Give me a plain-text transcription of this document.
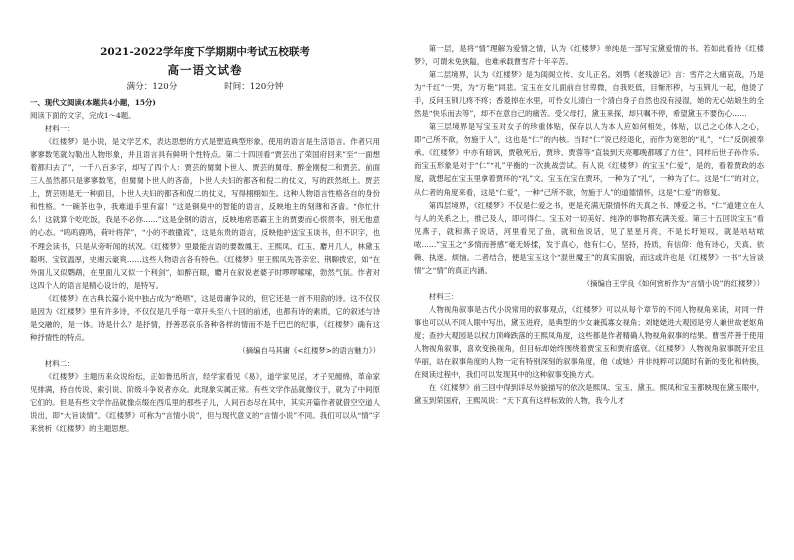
2021-2022学年度下学期期中考试五校联考
高一语文试卷
满分：120分	时间：120分钟

一、现代文阅读(本题共4小题，15分)

阅读下面的文字，完成1～4题。

材料一：

《红楼梦》是小说，是文学艺术，表达思想的方式是塑造典型形象，使用的语言是生活语言。作者只用寥寥数笔就勾勒出人物形象，并且语言具有鲜明个性特点。第二十四回看“贾芸出了荣国府回来”至“一面想着都归去了”，一千八百多字，却写了四个人：贾芸的舅舅卜世人、贾芸的舅母、醉金刚倪二和贾芸。前面三人虽然都只是寥寥数笔，但舅舅卜世人的吝啬，卜世人夫妇的都吝和倪二的仗义，写的跃然纸上。贾芸上，贾芸则是无一种面目，卜世人夫妇的都吝和倪二的仗义，写得栩栩如生。这种人物语言性格各自的身份和性格。“一碗茶也争，我难道手里有富！”这是铜臭中的智能的语言，反映地主的刻薄和吝啬。“你忙什么！这就算个吃吃饭，我是不必你……”这是金钢的语言，反映地痞恶霸王主的贾要而心恨贯李，别无他意的心态。“呜呜鹿鸣，荷叶将萍”，“小的不敢撒谎”，这是东贵的语言，反映他护送宝玉谈书，但不识字，也不理会读书，只是从旁听闻的状况。《红楼梦》里最能言语的要数鳳王、王熙凤、红玉、麝月几人，林黛玉聪明、宝钗温厚，史湘云豪爽……这些人物语言各有特色。《红楼梦》里王熙凤先答亲宏、荆聊拨宏，如“在外面儿又似鹦鹉，在里面儿又似一个利剑”，如醉百眼，麝月在叙说老婆子时啰啰嗦嗦，勃然气氛。作者对这四个人的语言是精心设计的，是特写。

《红楼梦》在古典长篇小说中独占成为“绝唱”，这是毋庸争议的，但它还是一首不用韵的诗。这不仅仅是因为《红楼梦》里有许多诗，不仅仅是几乎每一章开头至八十回的前述，也都有诗的素质，它的叙述与诗是交融的，是一体。诗是什么？是抒情，抒善恶哀乐各种各样的情而不是千巴巴的纪事，《红楼梦》确有这种抒情性的特点。

（摘编自马其庸《<红楼梦>的语言魅力》）

材料二：

《红楼梦》主题历来众说纷纭，正如鲁迅所言，经学家看见《易》，道学家见淫，才子见缠绵，革命家见排满，持自传说、索引说、阶级斗争说者亦众。此现象实属正常。有些文学作品就像仪于，就为了中间原它们的。但是有些文学作品就像点缀在西瓜里的那些子儿，人间百态尽在其中，其实开篇作者就借空空道人说出，即“大旨谈情”。《红楼梦》可称为“言情小说”，但与现代意义的“言情小说”不同。我们可以从“情”字来赏析《红楼梦》的主题思想。

第一层，是将“情”理解为爱情之情，认为《红楼梦》单纯是一部写宝黛爱情的书。若如此看待《红楼梦》，可谓未免狭隘，也难承载曹雪芹十年辛苦。

第二层境界，认为《红楼梦》是为闺阁立传、女儿正名。刘鹗《老残游记》言：雪芹之大痛哀哉，乃是为“千红”一哭，为“万艳”同悲。宝玉在女儿面前自甘卑微，自我贬低，目惭形秽，与玉钏儿一起，他烫了手，反问玉钏儿疼不疼；香菱掉在水里，可怜女儿清白一个清白身子自然也没有浸湿，她的无心姑娘生的全然是“快乐而去等”，却不在意自己的痛苦。受父母打，黛玉来探，却只嘱不停，希望黛玉不要伤心……

第三层境界是写宝玉对女子的珍重体贴，保存以人为本人应如何相处，体贴，以己之心体人之心，即“己所不欲，勿施于人”，这也是“仁”的内核。当时“仁”说已经退化，而作为宽恕的“礼”，“仁”反倒被奉承。《红楼梦》中亦有暗讽，贾敬死后，贾珍、贾蓉等“直装到天亮哪晚都哪了方住”，同样后世子孙作乐。而宝玉形象是对于“仁”“礼”平衡的一次挑战尝试。有人说《红楼梦》的宝玉“仁爱”，是的，看着贾政的态度，就想起在宝玉里拿着贾环的“礼”文。宝玉在宝在贾环，一种为了“礼”，一种为了仁。这是“仁”的对立，从仁者的角度来看，这是“仁爱”，一种“己所不欲，勿施于人”的道德情怀，这是“仁爱”的修复。

第四层境界，《红楼梦》不仅是仁爱之书，更是充满无限情怀的天真之书、博爱之书。“仁”道建立在人与人的关系之上，推己及人，即可得仁。宝玉对一切美好、纯净的事物都充满关爱。第三十五回说宝玉“看见燕子，就和燕子说话，河里看见了鱼，就和鱼说话，见了星星月亮，不是长吁短叹，就是咕咕哝哝……”宝玉之“多情而善感”毫无矫揉，发于真心，他有仁心，坚持，持质，有信仰：他有诗心，天真、依赖、执迷、烦恼。二者结合，便是宝玉这个“混世魔王”的真实面貌，而这或许也是《红楼梦》一书“大旨谈情”之“情”的真正内涵。

（摘编自王学良《如何赏析作为“言情小说”的红楼梦》）

材料三：

人物视角叙事是古代小说常用的叙事观点，《红楼梦》可以从每个章节的不同人物视角来读，对同一件事也可以从不同人眼中写出，黛玉进府，是典型的少女兼孤寡女视角；刘姥姥进大观园是穷人兼世故老妪角度；查抄大观园是以权力顶峰跌落的王熙凤角度，这些都是作者精确人物视角叙事的结果。曹雪芹善于使用人物视角叙事，喜欢变换视角，但目标却始终围绕着贾宝玉和贾府盛衰。《红楼梦》人物视角叙事既开宏且华丽，站在叙事角度的人物一定有特别深刻的叙事角度，他（或她）并非纯粹可以随时有新的变化和转换，在阅读过程中，我们可以发现其中的这种叙事变换方式。

在《红楼梦》前三回中得到详尽外貌描写的依次是熙凤、宝玉、黛玉。熙凤和宝玉都映现在黛玉眼中，黛玉到荣国府，王熙凤说：“天下真有这样标致的人物，我今儿才
